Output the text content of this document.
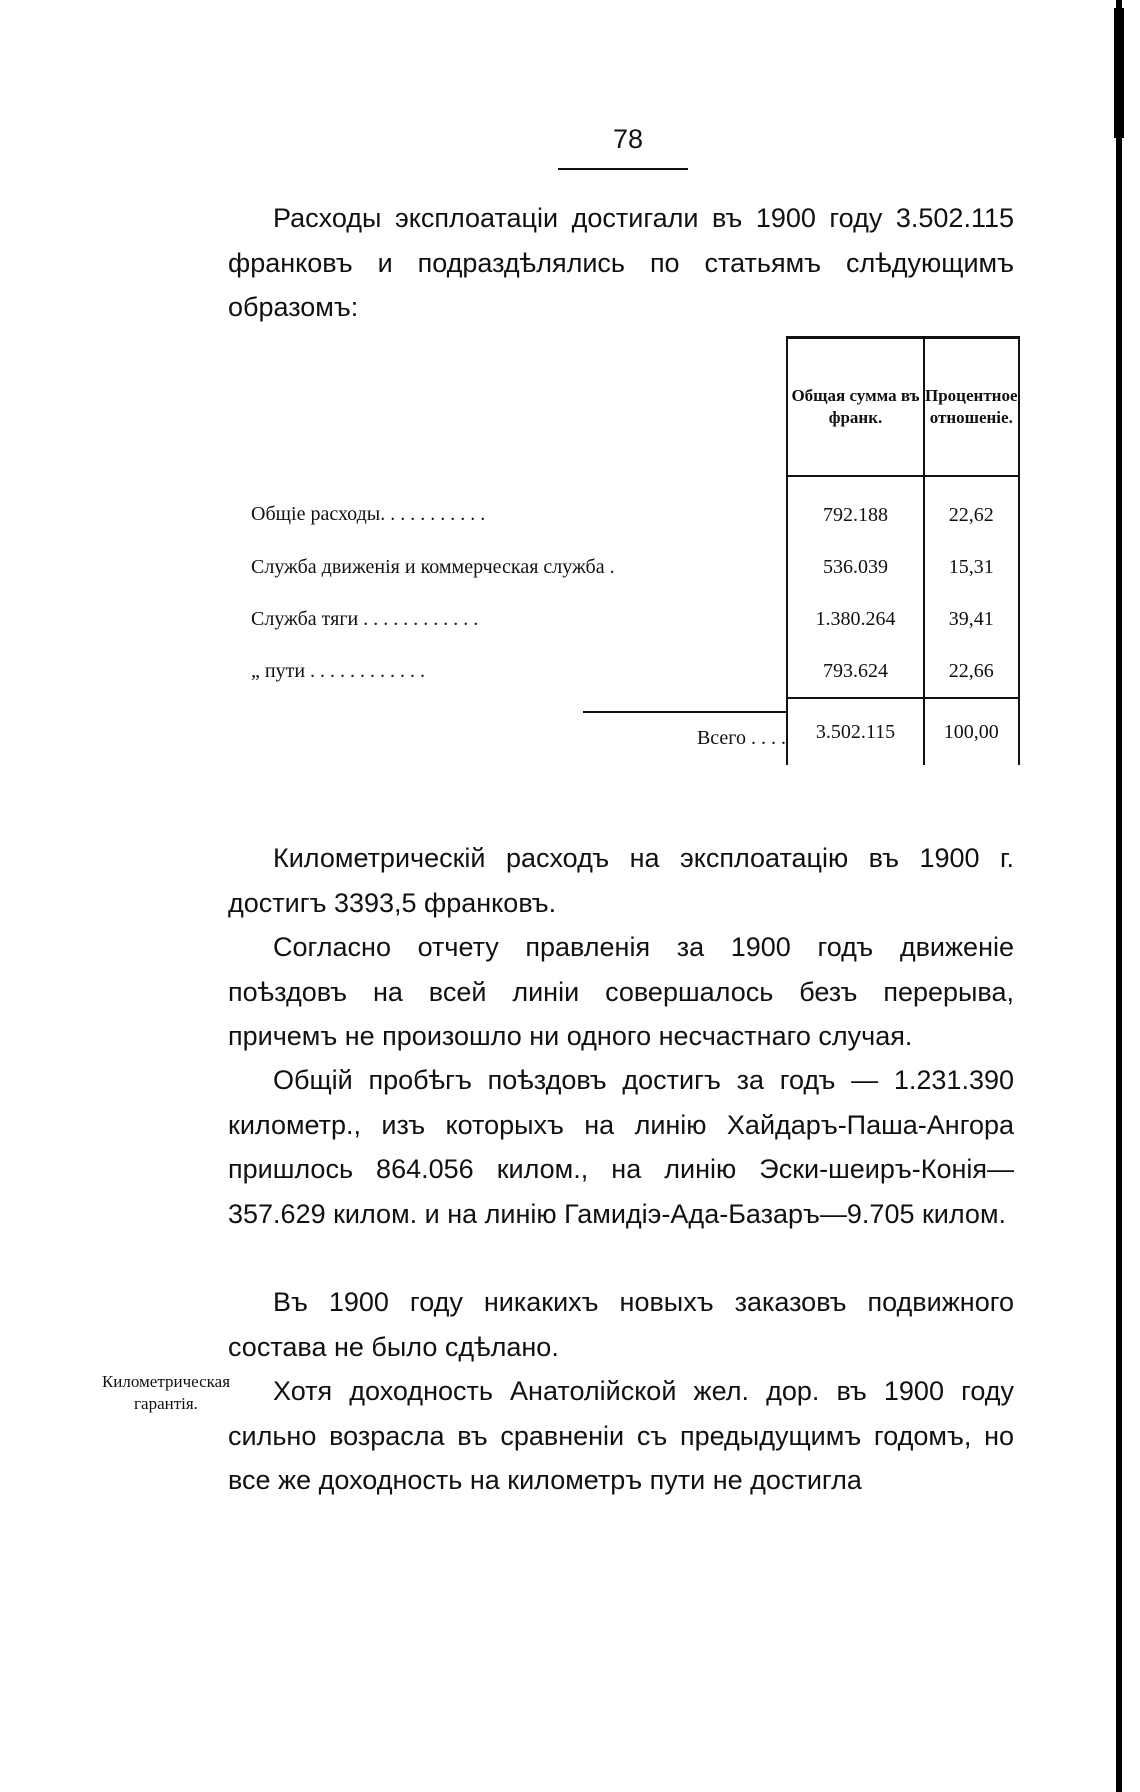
78

Расходы эксплоатаціи достигали въ 1900 году 3.502.115 франковъ и подраздѣлялись по статьямъ слѣдующимъ образомъ:

	Общая сумма въ франк.	Процентное отношеніе.
Общіе расходы. . . . . . . . . . .	792.188	22,62
Служба движенія и коммерческая служба .	536.039	15,31
Служба тяги . . . . . . . . . . . .	1.380.264	39,41
„ пути . . . . . . . . . . . .	793.624	22,66

Всего . . . .	3.502.115	100,00

Километрическій расходъ на эксплоатацію въ 1900 г. достигъ 3393,5 франковъ.

Согласно отчету правленія за 1900 годъ движеніе поѣздовъ на всей линіи совершалось безъ перерыва, причемъ не произошло ни одного несчастнаго случая.

Общій пробѣгъ поѣздовъ достигъ за годъ — 1.231.390 километр., изъ которыхъ на линію Хайдаръ-Паша-Ангора пришлось 864.056 килом., на линію Эски-шеиръ-Конія—357.629 килом. и на линію Гамидіэ-Ада-Базаръ—9.705 килом.

Въ 1900 году никакихъ новыхъ заказовъ подвижного состава не было сдѣлано.

Хотя доходность Анатолійской жел. дор. въ 1900 году сильно возрасла въ сравненіи съ предыдущимъ годомъ, но все же доходность на километръ пути не достигла

Километрическая гарантія.
